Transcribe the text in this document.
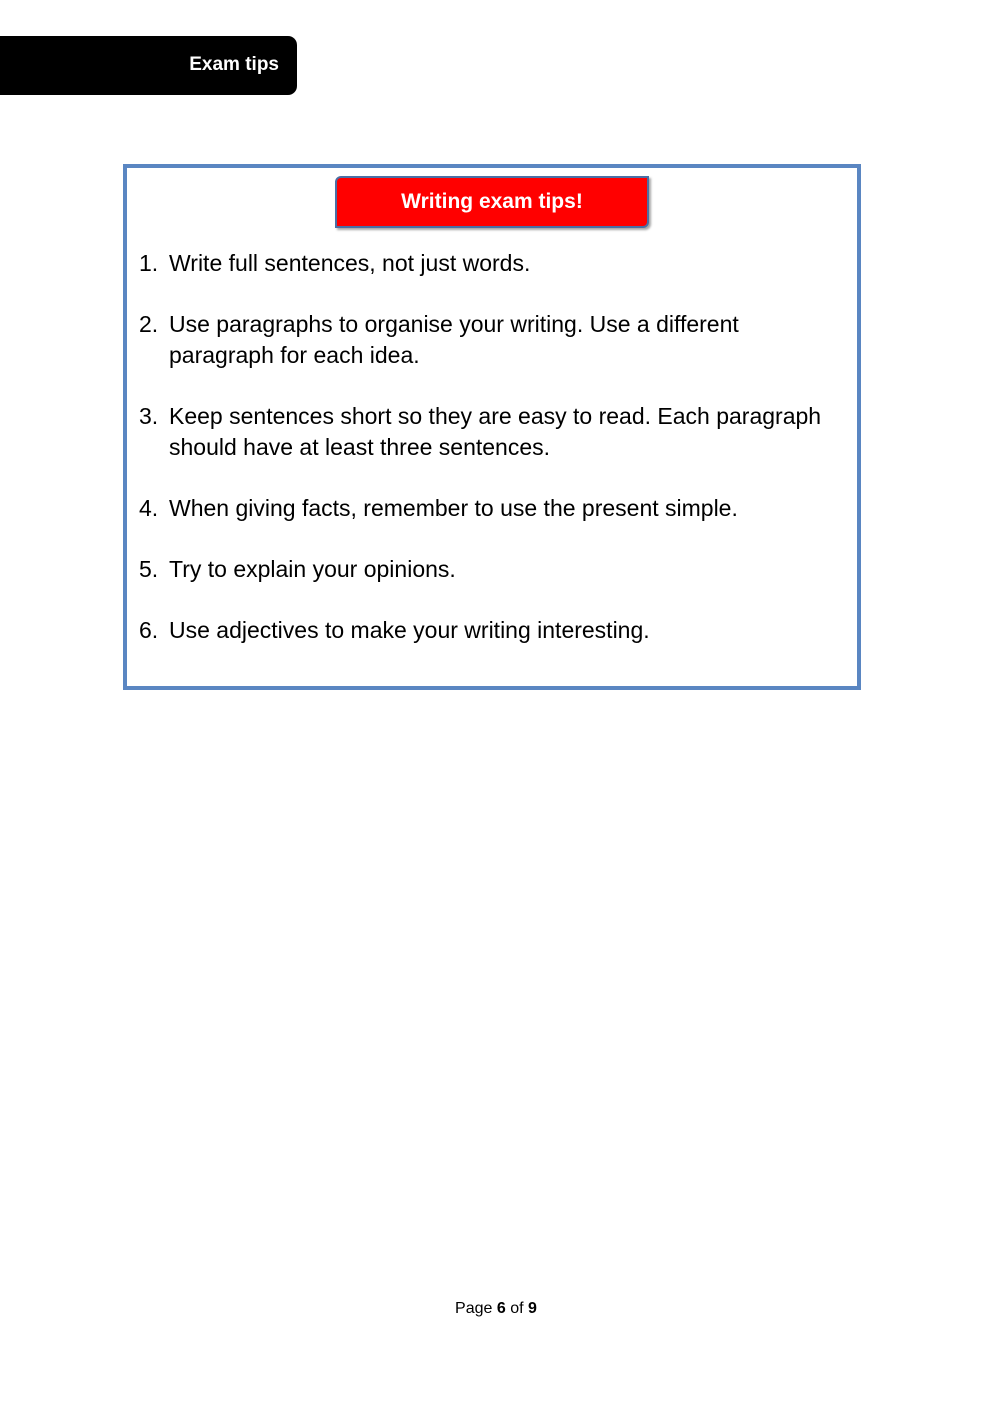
Exam tips
Writing exam tips!
1. Write full sentences, not just words.
2. Use paragraphs to organise your writing. Use a different paragraph for each idea.
3. Keep sentences short so they are easy to read. Each paragraph should have at least three sentences.
4. When giving facts, remember to use the present simple.
5. Try to explain your opinions.
6. Use adjectives to make your writing interesting.
Page 6 of 9
